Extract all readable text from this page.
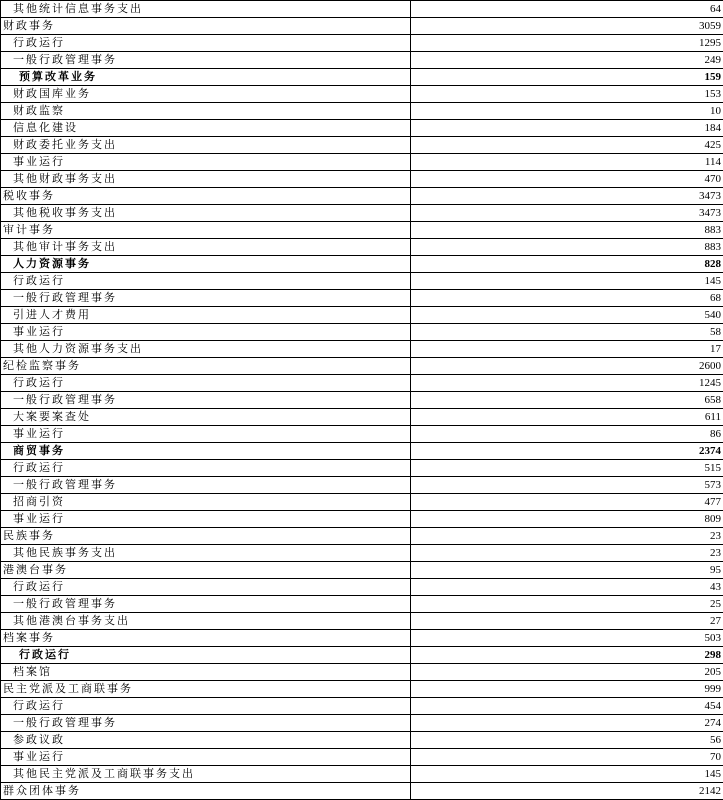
其他统计信息事务支出	64
财政事务	3059
行政运行	1295
一般行政管理事务	249
预算改革业务	159
财政国库业务	153
财政监察	10
信息化建设	184
财政委托业务支出	425
事业运行	114
其他财政事务支出	470
税收事务	3473
其他税收事务支出	3473
审计事务	883
其他审计事务支出	883
人力资源事务	828
行政运行	145
一般行政管理事务	68
引进人才费用	540
事业运行	58
其他人力资源事务支出	17
纪检监察事务	2600
行政运行	1245
一般行政管理事务	658
大案要案查处	611
事业运行	86
商贸事务	2374
行政运行	515
一般行政管理事务	573
招商引资	477
事业运行	809
民族事务	23
其他民族事务支出	23
港澳台事务	95
行政运行	43
一般行政管理事务	25
其他港澳台事务支出	27
档案事务	503
行政运行	298
档案馆	205
民主党派及工商联事务	999
行政运行	454
一般行政管理事务	274
参政议政	56
事业运行	70
其他民主党派及工商联事务支出	145
群众团体事务	2142
